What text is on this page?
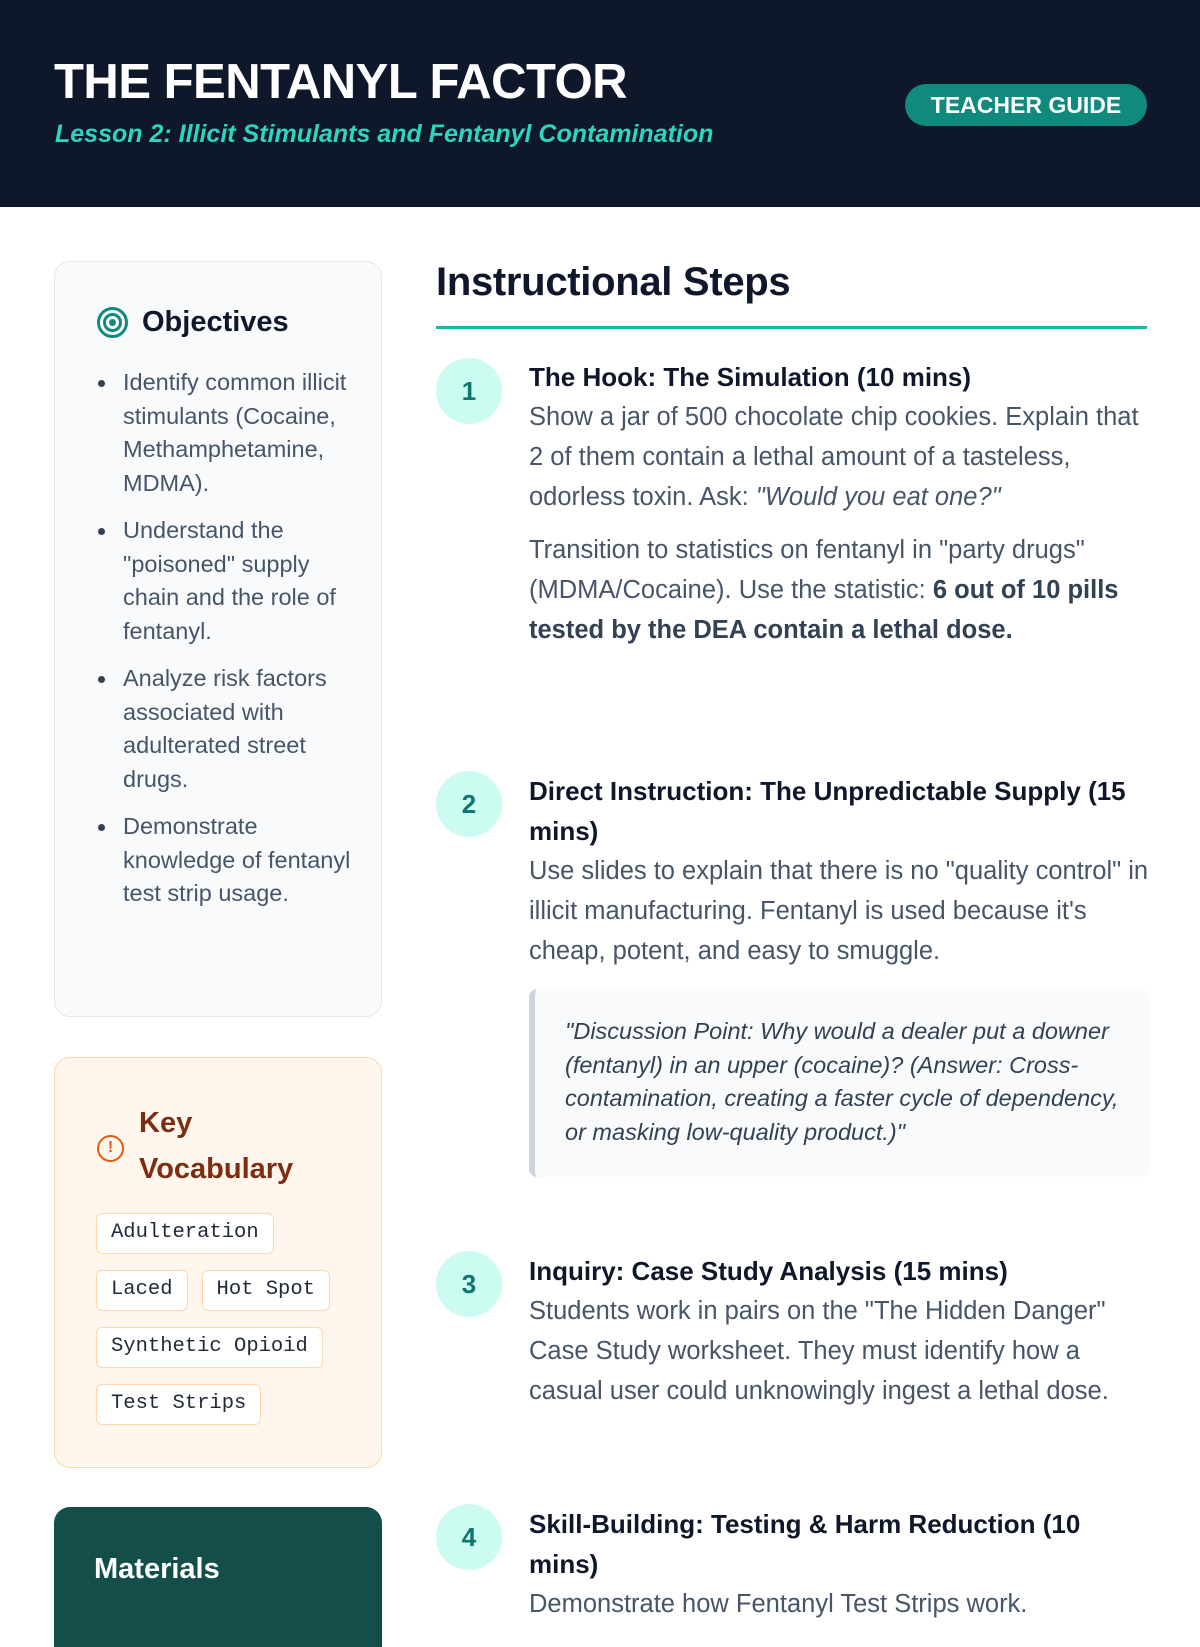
THE FENTANYL FACTOR
Lesson 2: Illicit Stimulants and Fentanyl Contamination
TEACHER GUIDE
Objectives
Identify common illicit stimulants (Cocaine, Methamphetamine, MDMA).
Understand the "poisoned" supply chain and the role of fentanyl.
Analyze risk factors associated with adulterated street drugs.
Demonstrate knowledge of fentanyl test strip usage.
!
Key Vocabulary
Adulteration
Laced	Hot Spot
Synthetic Opioid
Test Strips
Materials
Instructional Steps
1	The Hook: The Simulation (10 mins)

Show a jar of 500 chocolate chip cookies. Explain that 2 of them contain a lethal amount of a tasteless, odorless toxin. Ask: "Would you eat one?"

Transition to statistics on fentanyl in "party drugs" (MDMA/Cocaine). Use the statistic: 6 out of 10 pills tested by the DEA contain a lethal dose.

2	Direct Instruction: The Unpredictable Supply (15 mins)

Use slides to explain that there is no "quality control" in illicit manufacturing. Fentanyl is used because it's cheap, potent, and easy to smuggle.

"Discussion Point: Why would a dealer put a downer (fentanyl) in an upper (cocaine)? (Answer: Cross-contamination, creating a faster cycle of dependency, or masking low-quality product.)"
3	Inquiry: Case Study Analysis (15 mins)

Students work in pairs on the "The Hidden Danger" Case Study worksheet. They must identify how a casual user could unknowingly ingest a lethal dose.

4	Skill-Building: Testing & Harm Reduction (10 mins)

Demonstrate how Fentanyl Test Strips work.
